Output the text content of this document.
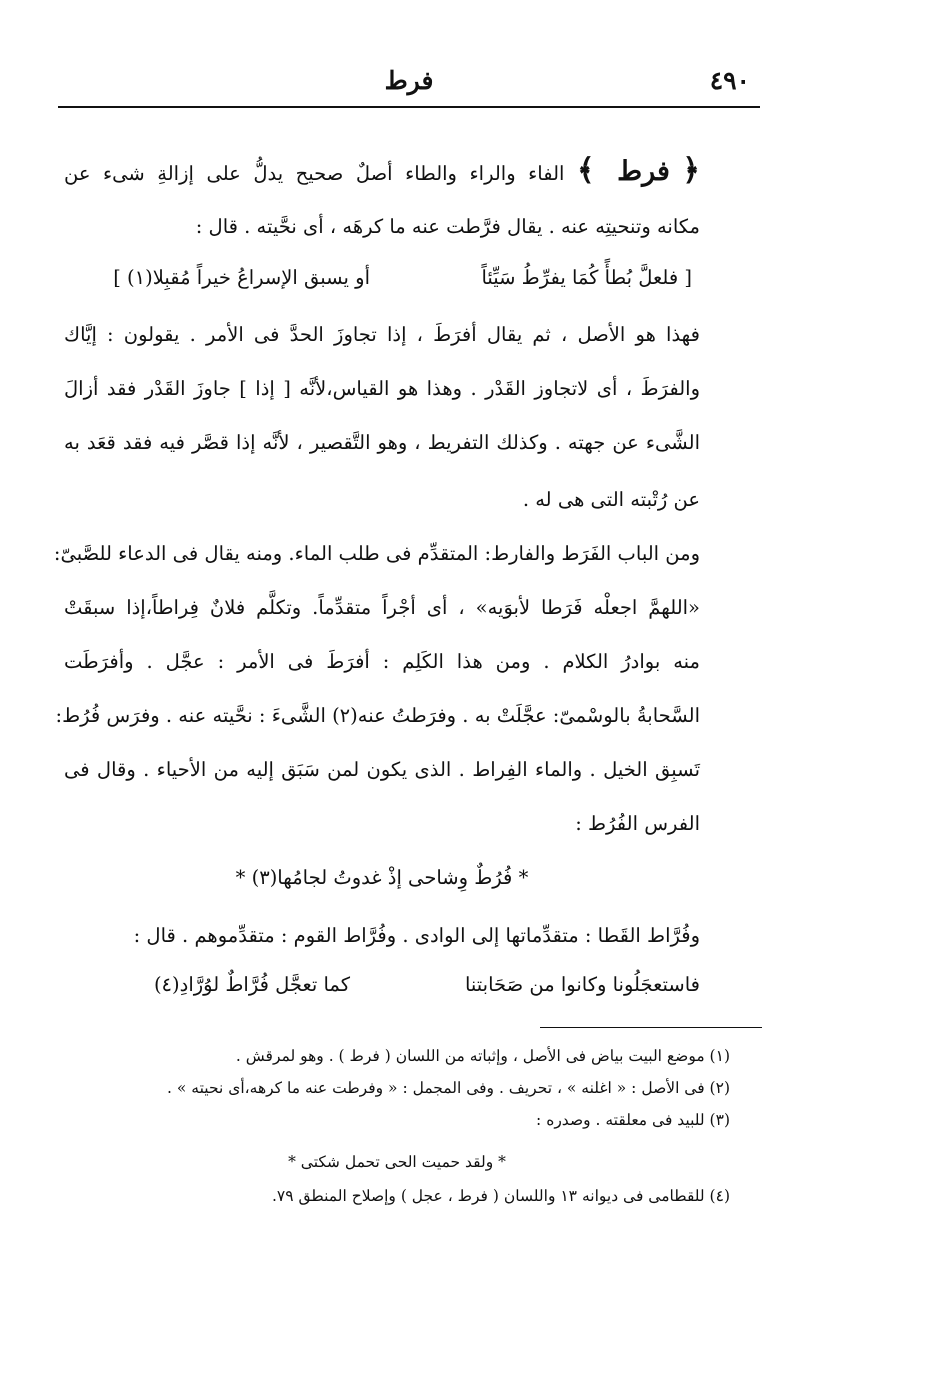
٤٩٠
فرط
﴿ فرط ﴾ الفاء والراء والطاء أصلٌ صحيح يدلُّ على إزالةِ شىء عن
مكانه وتنحيتِه عنه . يقال فرَّطت عنه ما كرهَه ، أى نحَّيته . قال :
[ فلعلَّ بُطأً كُمَا يفرِّطُ سَيِّئاً
أو يسبق الإسراعُ خيراً مُقبِلا(١) ]
فهذا هو الأصل ، ثم يقال أفرَطَ ، إذا تجاوزَ الحدَّ فى الأمر . يقولون : إيَّاك
والفرَطَ ، أى لاتجاوز القَدْر . وهذا هو القياس،لأنَّه [ إذا ] جاوزَ القَدْر فقد أزالَ
الشَّىء عن جهته . وكذلك التفريط ، وهو التَّقصير ، لأنَّه إذا قصَّر فيه فقد قعَد به
عن رُتْبته التى هى له .
ومن الباب الفَرَط والفارط: المتقدِّم فى طلب الماء. ومنه يقال فى الدعاء للصَّبىّ:
«اللهمَّ اجعلْه فَرَطا لأبوَيه» ، أى أجْراً متقدِّماً. وتكلَّم فلانٌ فِراطاً،إذا سبقَتْ
منه بوادرُ الكلام . ومن هذا الكَلِم : أفرَطَ فى الأمر : عجَّل . وأفرَطَت
السَّحابةُ بالوسْمىّ: عجَّلَتْ به . وفرَطتُ عنه(٢) الشَّىءَ : نحَّيته عنه . وفرَس فُرُط:
تَسبِق الخيل . والماء الفِراط . الذى يكون لمن سَبَق إليه من الأحياء . وقال فى
الفرس الفُرُط :
* فُرُطٌ وِشاحى إذْ غدوتُ لجامُها(٣) *
وفُرَّاط القَطا : متقدِّماتها إلى الوادى . وفُرَّاط القوم : متقدِّموهم . قال :
فاستعجَلُونا وكانوا من صَحَابتنا
كما تعجَّل فُرَّاطٌ لوُرَّادِ(٤)
(١) موضع البيت بياض فى الأصل ، وإثباته من اللسان ( فرط ) . وهو لمرقش .
(٢) فى الأصل : « اغلنه » ، تحريف . وفى المجمل : « وفرطت عنه ما كرهه،أى نحيته » .
(٣) للبيد فى معلقته . وصدره :
* ولقد حميت الحى تحمل شكتى *
(٤) للقطامى فى ديوانه ١٣ واللسان ( فرط ، عجل ) وإصلاح المنطق ٧٩.
